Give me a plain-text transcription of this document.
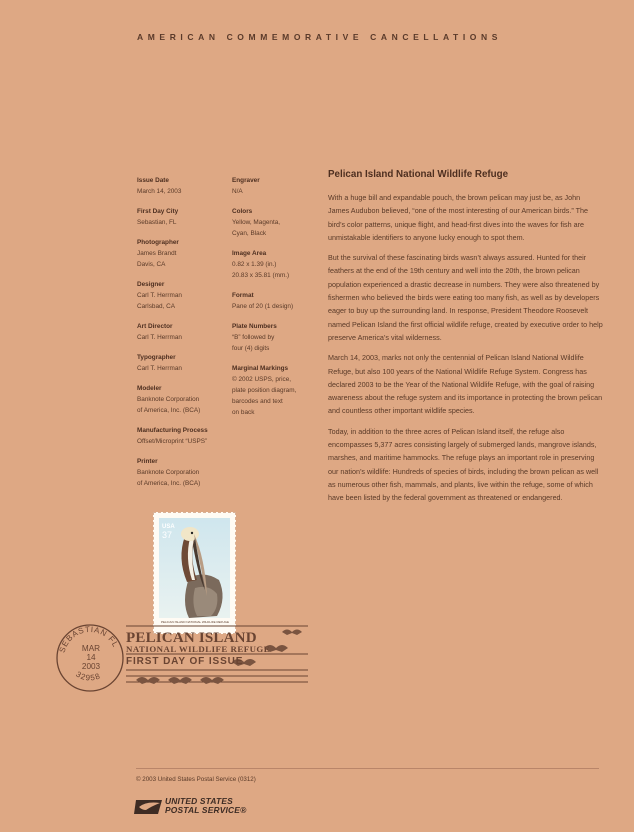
AMERICAN COMMEMORATIVE CANCELLATIONS
Issue Date
March 14, 2003
First Day City
Sebastian, FL
Photographer
James Brandt
Davis, CA
Designer
Carl T. Herrman
Carlsbad, CA
Art Director
Carl T. Herrman
Typographer
Carl T. Herrman
Modeler
Banknote Corporation
of America, Inc. (BCA)
Manufacturing Process
Offset/Microprint “USPS”
Printer
Banknote Corporation
of America, Inc. (BCA)
Engraver
N/A
Colors
Yellow, Magenta,
Cyan, Black
Image Area
0.82 x 1.39 (in.)
20.83 x 35.81 (mm.)
Format
Pane of 20 (1 design)
Plate Numbers
“B” followed by
four (4) digits
Marginal Markings
© 2002 USPS, price,
plate position diagram,
barcodes and text
on back
Pelican Island National Wildlife Refuge

With a huge bill and expandable pouch, the brown pelican may just be, as John James Audubon believed, “one of the most interesting of our American birds.” The bird’s color patterns, unique flight, and head-first dives into the waves for fish are unmistakable identifiers to anyone lucky enough to spot them.

But the survival of these fascinating birds wasn’t always assured. Hunted for their feathers at the end of the 19th century and well into the 20th, the brown pelican population experienced a drastic decrease in numbers. They were also threatened by fishermen who believed the birds were eating too many fish, as well as by developers eager to buy up the surrounding land. In response, President Theodore Roosevelt named Pelican Island the first official wildlife refuge, created by executive order to help preserve America’s vital wilderness.

March 14, 2003, marks not only the centennial of Pelican Island National Wildlife Refuge, but also 100 years of the National Wildlife Refuge System. Congress has declared 2003 to be the Year of the National Wildlife Refuge, with the goal of raising awareness about the refuge system and its importance in protecting the brown pelican and countless other important wildlife species.

Today, in addition to the three acres of Pelican Island itself, the refuge also encompasses 5,377 acres consisting largely of submerged lands, mangrove islands, marshes, and maritime hammocks. The refuge plays an important role in preserving our nation’s wildlife: Hundreds of species of birds, including the brown pelican as well as numerous other fish, mammals, and plants, live within the refuge, some of which have been listed by the federal government as threatened or endangered.

USA
37
PELICAN ISLAND NATIONAL WILDLIFE REFUGE
SEBASTIAN FL
32958
PELICAN ISLAND
NATIONAL WILDLIFE REFUGE
FIRST DAY OF ISSUE
MAR
14
2003
© 2003 United States Postal Service (0312)
UNITED STATES
POSTAL SERVICE®
